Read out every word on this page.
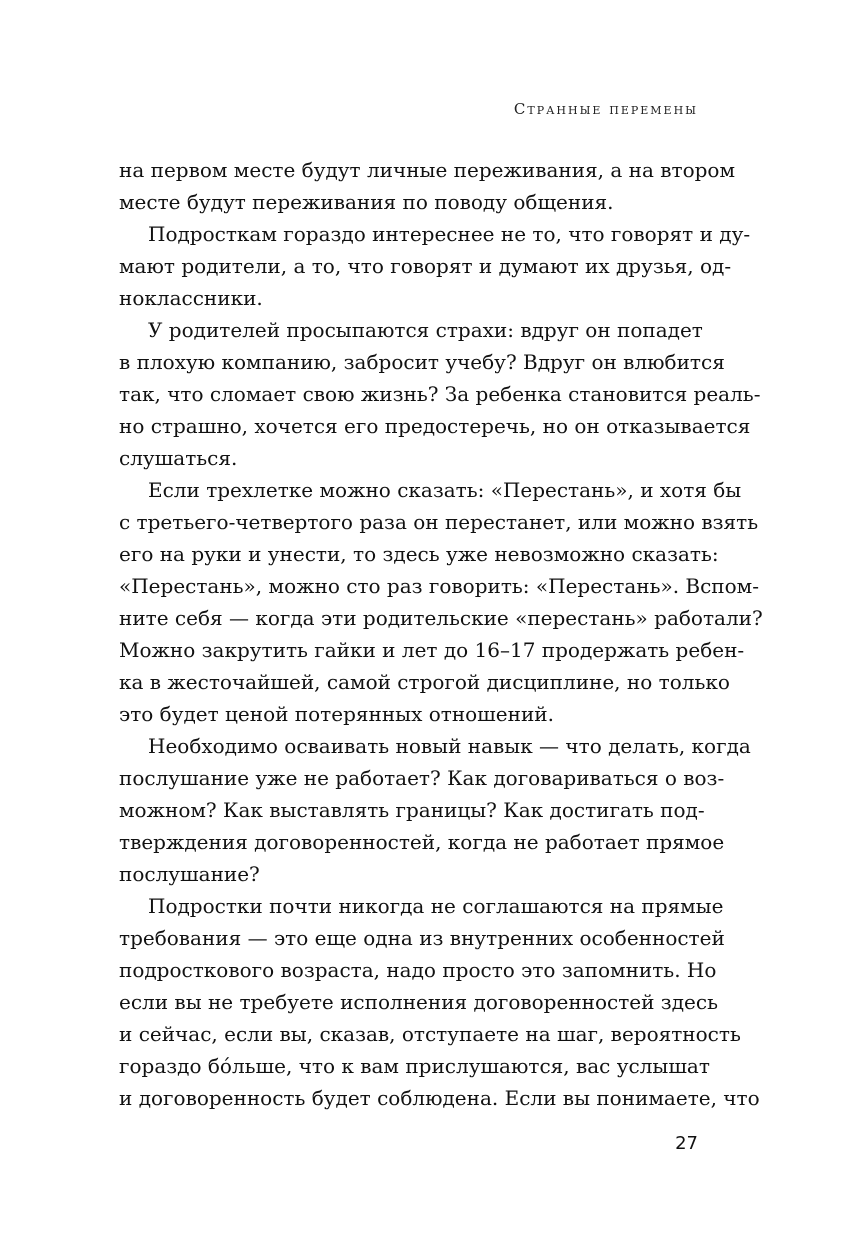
Странные перемены
на первом месте будут личные переживания, а на втором
месте будут переживания по поводу общения.
Подросткам гораздо интереснее не то, что говорят и ду-
мают родители, а то, что говорят и думают их друзья, од-
ноклассники.
У родителей просыпаются страхи: вдруг он попадет
в плохую компанию, забросит учебу? Вдруг он влюбится
так, что сломает свою жизнь? За ребенка становится реаль-
но страшно, хочется его предостеречь, но он отказывается
слушаться.
Если трехлетке можно сказать: «Перестань», и хотя бы
с третьего-четвертого раза он перестанет, или можно взять
его на руки и унести, то здесь уже невозможно сказать:
«Перестань», можно сто раз говорить: «Перестань». Вспом-
ните себя — когда эти родительские «перестань» работали?
Можно закрутить гайки и лет до 16–17 продержать ребен-
ка в жесточайшей, самой строгой дисциплине, но только
это будет ценой потерянных отношений.
Необходимо осваивать новый навык — что делать, когда
послушание уже не работает? Как договариваться о воз-
можном? Как выставлять границы? Как достигать под-
тверждения договоренностей, когда не работает прямое
послушание?
Подростки почти никогда не соглашаются на прямые
требования — это еще одна из внутренних особенностей
подросткового возраста, надо просто это запомнить. Но
если вы не требуете исполнения договоренностей здесь
и сейчас, если вы, сказав, отступаете на шаг, вероятность
гораздо бóльше, что к вам прислушаются, вас услышат
и договоренность будет соблюдена. Если вы понимаете, что
27
